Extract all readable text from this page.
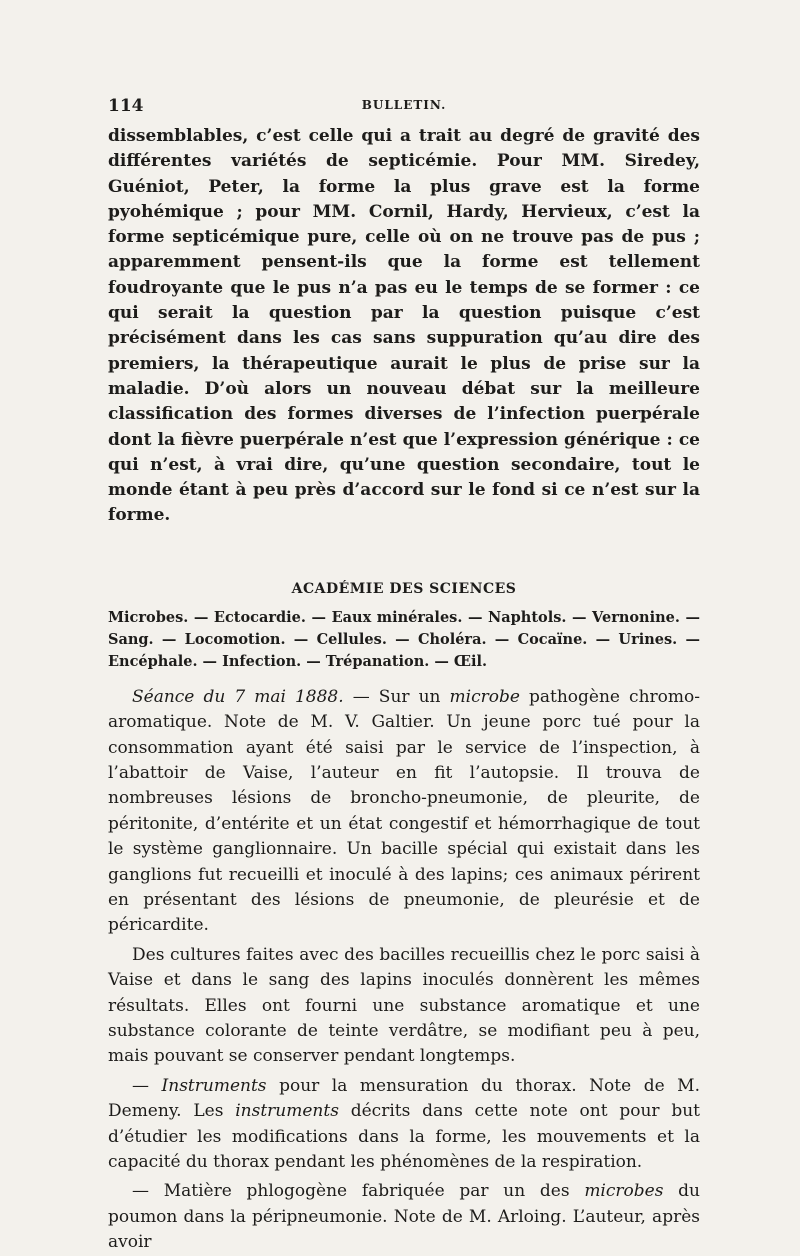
114	BULLETIN.

dissemblables, c’est celle qui a trait au degré de gravité des différentes variétés de septicémie. Pour MM. Siredey, Guéniot, Peter, la forme la plus grave est la forme pyohémique ; pour MM. Cornil, Hardy, Hervieux, c’est la forme septicémique pure, celle où on ne trouve pas de pus ; apparemment pensent-ils que la forme est tellement foudroyante que le pus n’a pas eu le temps de se former : ce qui serait la question par la question puisque c’est précisément dans les cas sans suppuration qu’au dire des premiers, la thérapeutique aurait le plus de prise sur la maladie. D’où alors un nouveau débat sur la meilleure classification des formes diverses de l’infection puerpérale dont la fièvre puerpérale n’est que l’expression générique : ce qui n’est, à vrai dire, qu’une question secondaire, tout le monde étant à peu près d’accord sur le fond si ce n’est sur la forme.

ACADÉMIE DES SCIENCES

Microbes. — Ectocardie. — Eaux minérales. — Naphtols. — Vernonine. — Sang. — Locomotion. — Cellules. — Choléra. — Cocaïne. — Urines. — Encéphale. — Infection. — Trépanation. — Œil.

Séance du 7 mai 1888. — Sur un microbe pathogène chromo-aromatique. Note de M. V. Galtier. Un jeune porc tué pour la consommation ayant été saisi par le service de l’inspection, à l’abattoir de Vaise, l’auteur en fit l’autopsie. Il trouva de nombreuses lésions de broncho-pneumonie, de pleurite, de péritonite, d’entérite et un état congestif et hémorrhagique de tout le système ganglionnaire. Un bacille spécial qui existait dans les ganglions fut recueilli et inoculé à des lapins; ces animaux périrent en présentant des lésions de pneumonie, de pleurésie et de péricardite.

Des cultures faites avec des bacilles recueillis chez le porc saisi à Vaise et dans le sang des lapins inoculés donnèrent les mêmes résultats. Elles ont fourni une substance aromatique et une substance colorante de teinte verdâtre, se modifiant peu à peu, mais pouvant se conserver pendant longtemps.

— Instruments pour la mensuration du thorax. Note de M. Demeny. Les instruments décrits dans cette note ont pour but d’étudier les modifications dans la forme, les mouvements et la capacité du thorax pendant les phénomènes de la respiration.

— Matière phlogogène fabriquée par un des microbes du poumon dans la péripneumonie. Note de M. Arloing. L’auteur, après avoir
